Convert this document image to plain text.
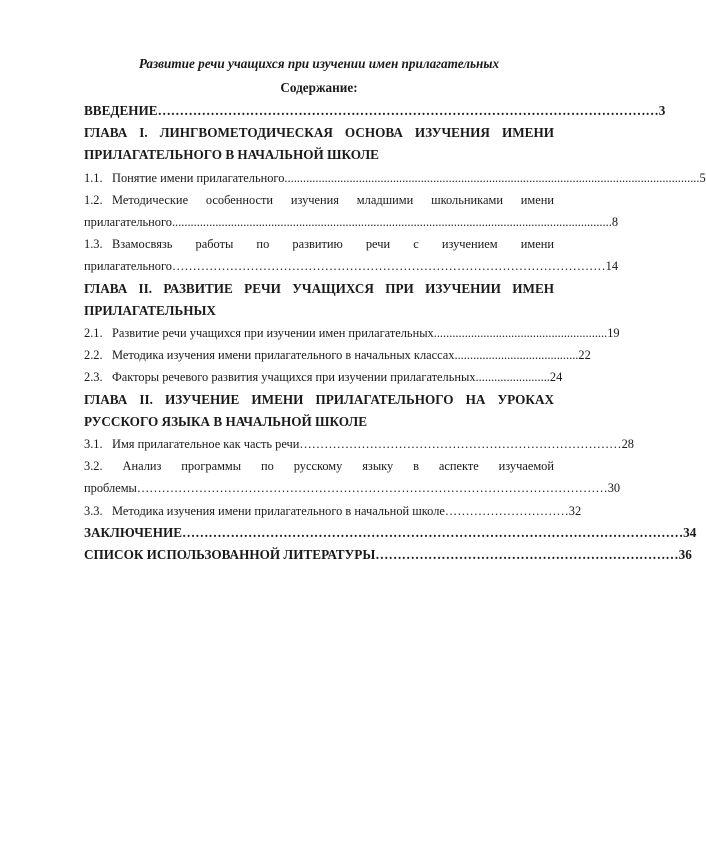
Развитие речи учащихся при изучении имен прилагательных

Содержание:

ВВЕДЕНИЕ …………………………………………………………………………………………………… 3
ГЛАВА I. ЛИНГВОМЕТОДИЧЕСКАЯ ОСНОВА ИЗУЧЕНИЯ ИМЕНИ
ПРИЛАГАТЕЛЬНОГО В НАЧАЛЬНОЙ ШКОЛЕ
1.1. Понятие имени прилагательного ...................................................................................................................................... 5
1.2. Методические особенности изучения младшими школьниками имени
прилагательного .............................................................................................................................................. 8
1.3. Взамосвязь работы по развитию речи с изучением имени
прилагательного …………………………………………………………………………………………… 14
ГЛАВА II. РАЗВИТИЕ РЕЧИ УЧАЩИХСЯ ПРИ ИЗУЧЕНИИ ИМЕН
ПРИЛАГАТЕЛЬНЫХ
2.1. Развитие речи учащихся при изучении имен прилагательных ........................................................ 19
2.2. Методика изучения имени прилагательного в начальных классах ........................................ 22
2.3. Факторы речевого развития учащихся при изучении прилагательных ........................ 24
ГЛАВА II. ИЗУЧЕНИЕ ИМЕНИ ПРИЛАГАТЕЛЬНОГО НА УРОКАХ
РУССКОГО ЯЗЫКА В НАЧАЛЬНОЙ ШКОЛЕ
3.1. Имя прилагательное как часть речи …………………………………………………………………… 28
3.2. Анализ программы по русскому языку в аспекте изучаемой
проблемы …………………………………………………………………………………………………… 30
3.3. Методика изучения имени прилагательного в начальной школе ………………………… 32
ЗАКЛЮЧЕНИЕ …………………………………………………………………………………………………… 34
СПИСОК ИСПОЛЬЗОВАННОЙ ЛИТЕРАТУРЫ …………………………………………………………… 36
